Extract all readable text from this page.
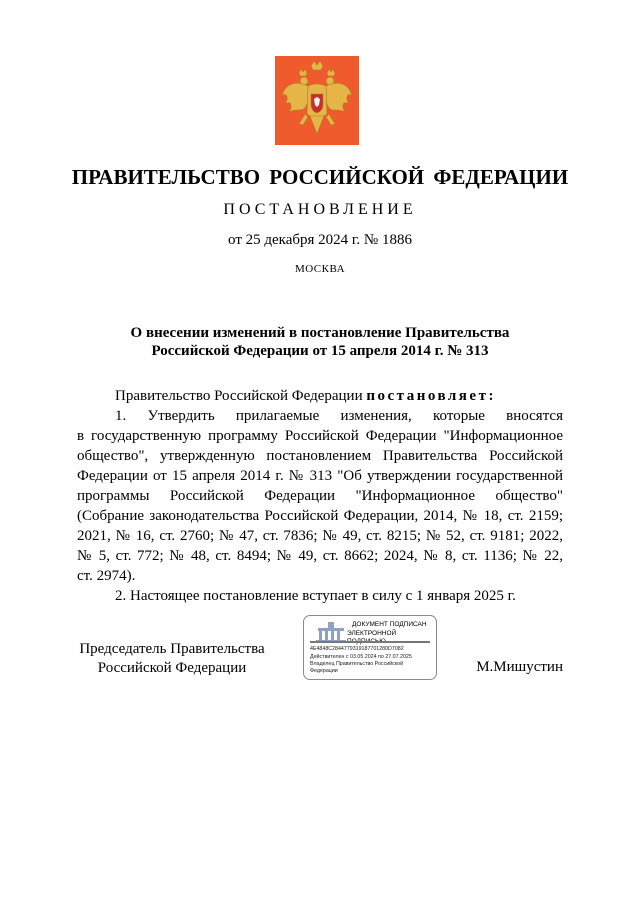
ПРАВИТЕЛЬСТВО РОССИЙСКОЙ ФЕДЕРАЦИИ
ПОСТАНОВЛЕНИЕ
от 25 декабря 2024 г. № 1886
МОСКВА
О внесении изменений в постановление Правительства
Российской Федерации от 15 апреля 2014 г. № 313

Правительство Российской Федерации постановляет:

1. Утвердить прилагаемые изменения, которые вносятся

в государственную программу Российской Федерации "Информационное

общество", утвержденную постановлением Правительства Российской

Федерации от 15 апреля 2014 г. № 313 "Об утверждении государственной

программы Российской Федерации "Информационное общество"

(Собрание законодательства Российской Федерации, 2014, № 18, ст. 2159;

2021, № 16, ст. 2760; № 47, ст. 7836; № 49, ст. 8215; № 52, ст. 9181; 2022,

№ 5, ст. 772; № 48, ст. 8494; № 49, ст. 8662; 2024, № 8, ст. 1136; № 22,

ст. 2974).

2. Настоящее постановление вступает в силу с 1 января 2025 г.

Председатель Правительства
Российской Федерации
ДОКУМЕНТ ПОДПИСАН
ЭЛЕКТРОННОЙ
4E4848C2844779319187701280D7082
Действителен с 03.05.2024 по 27.07.2025
Владелец Правительство Российской
Федерации	М.Мишустин
